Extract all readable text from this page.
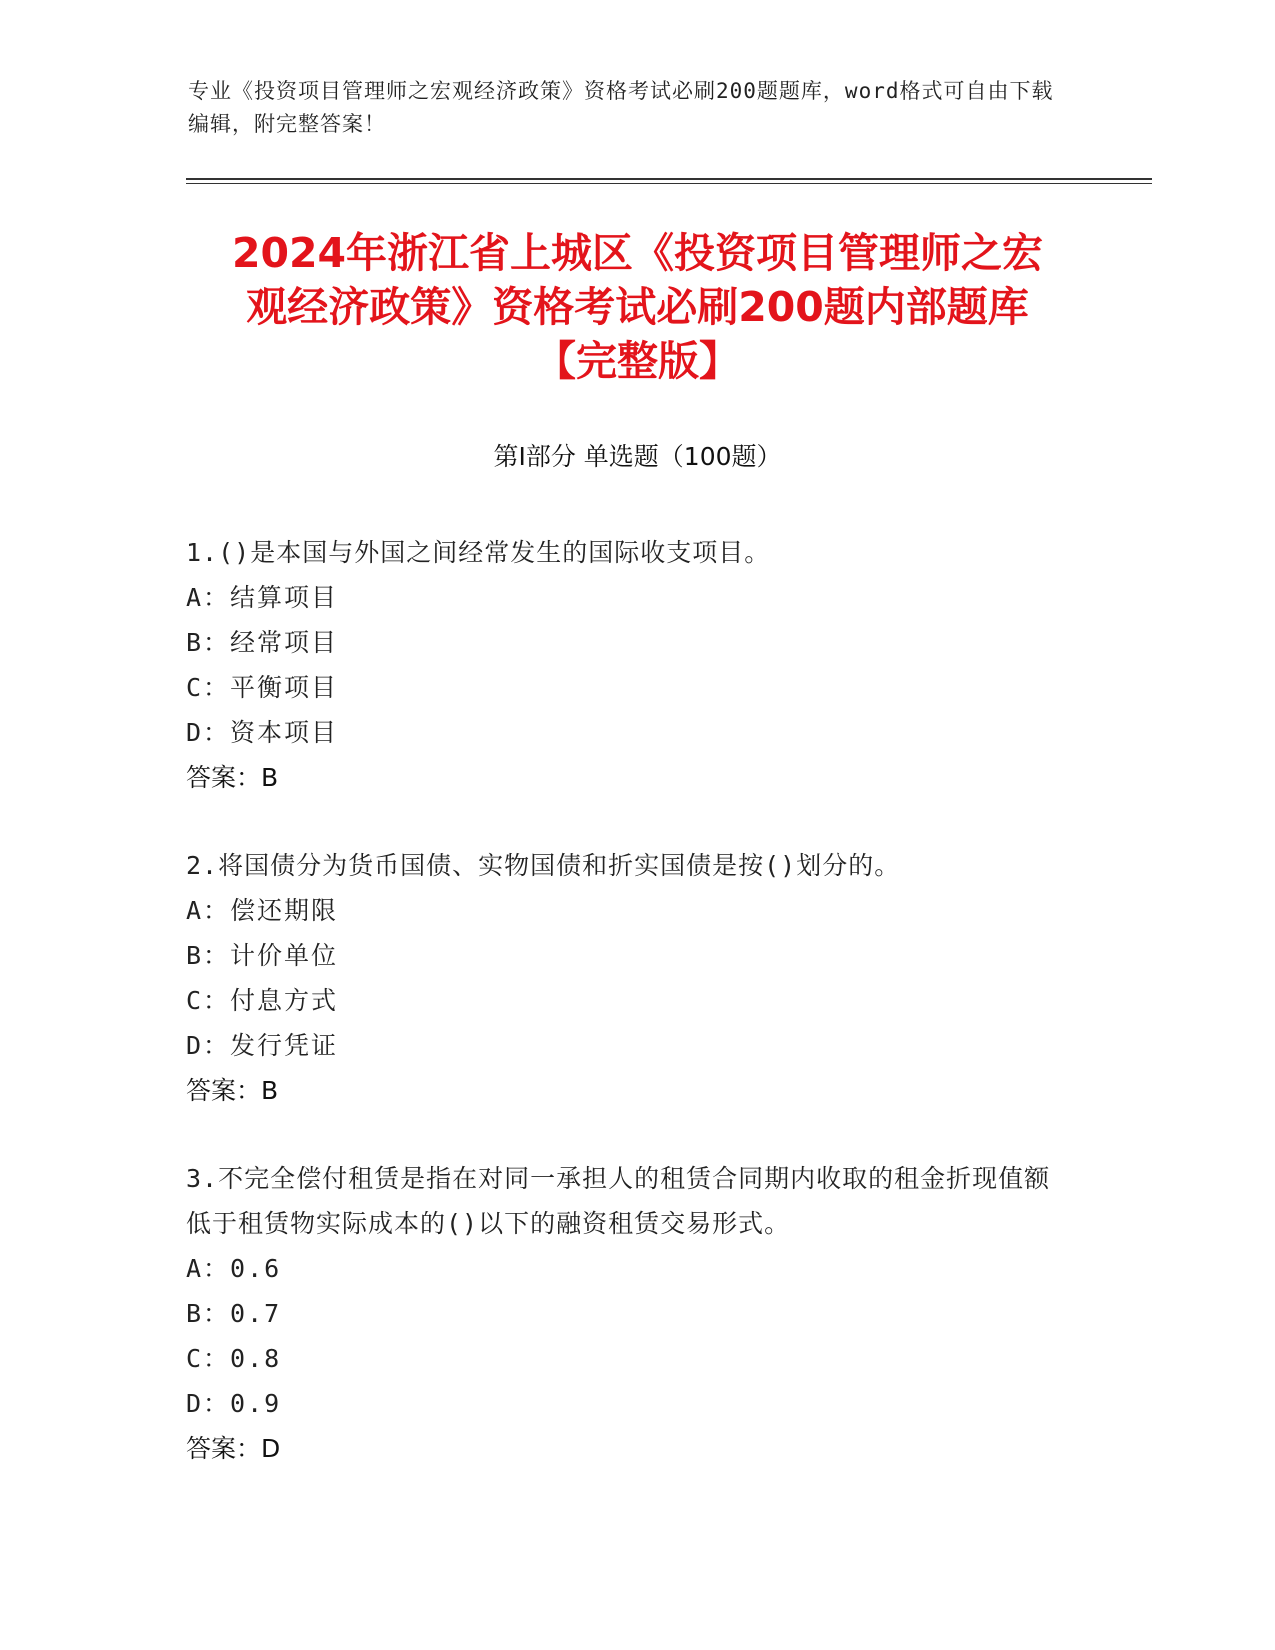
专业《投资项目管理师之宏观经济政策》资格考试必刷200题题库，word格式可自由下载编辑，附完整答案！
2024年浙江省上城区《投资项目管理师之宏
观经济政策》资格考试必刷200题内部题库
【完整版】
第Ⅰ部分 单选题（100题）
1.()是本国与外国之间经常发生的国际收支项目。
A：结算项目
B：经常项目
C：平衡项目
D：资本项目
答案：B
2.将国债分为货币国债、实物国债和折实国债是按()划分的。
A：偿还期限
B：计价单位
C：付息方式
D：发行凭证
答案：B
3.不完全偿付租赁是指在对同一承担人的租赁合同期内收取的租金折现值额低于租赁物实际成本的()以下的融资租赁交易形式。
A：0.6
B：0.7
C：0.8
D：0.9
答案：D
